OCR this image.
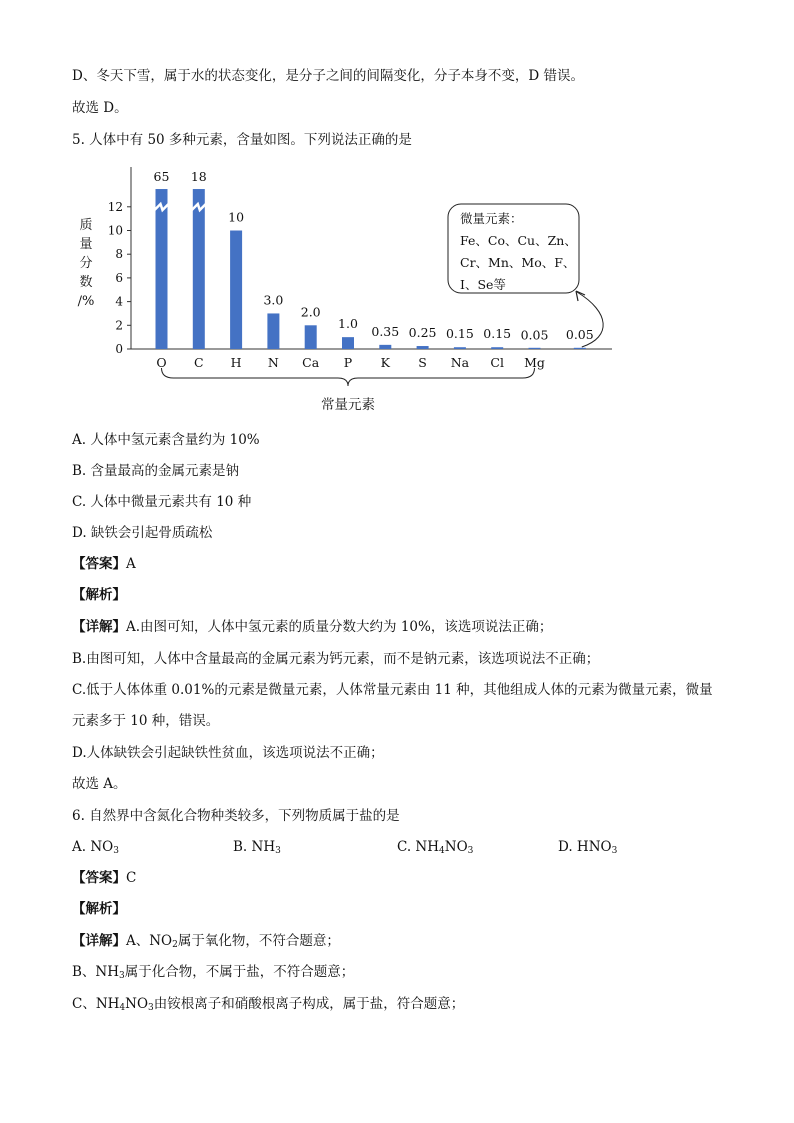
D、冬天下雪，属于水的状态变化，是分子之间的间隔变化，分子本身不变，D 错误。
故选 D。
5. 人体中有 50 多种元素，含量如图。下列说法正确的是
0
2
4
6
8
10
12
质
量
分
数
/%
65 18
10
3.0
2.0
1.0
0.35 0.25 0.15 0.15 0.05 0.05
O C H N Ca P K S Na Cl Mg
常量元素
微量元素：
Fe、Co、Cu、Zn、
Cr、Mn、Mo、F、
I、Se等
A. 人体中氢元素含量约为 10%
B. 含量最高的金属元素是钠
C. 人体中微量元素共有 10 种
D. 缺铁会引起骨质疏松
【答案】A
【解析】
【详解】A.由图可知，人体中氢元素的质量分数大约为 10%，该选项说法正确；
B.由图可知，人体中含量最高的金属元素为钙元素，而不是钠元素，该选项说法不正确；
C.低于人体体重 0.01%的元素是微量元素，人体常量元素由 11 种，其他组成人体的元素为微量元素，微量
元素多于 10 种，错误。
D.人体缺铁会引起缺铁性贫血，该选项说法不正确；
故选 A。
6. 自然界中含氮化合物种类较多，下列物质属于盐的是
A. $NO_3$	B. $NH_3$	C. $NH_4NO_3$	D. $HNO_3$
【答案】C
【解析】
【详解】A、$NO_2$属于氧化物，不符合题意；
B、$NH_3$属于化合物，不属于盐，不符合题意；
C、$NH_4NO_3$由铵根离子和硝酸根离子构成，属于盐，符合题意；
